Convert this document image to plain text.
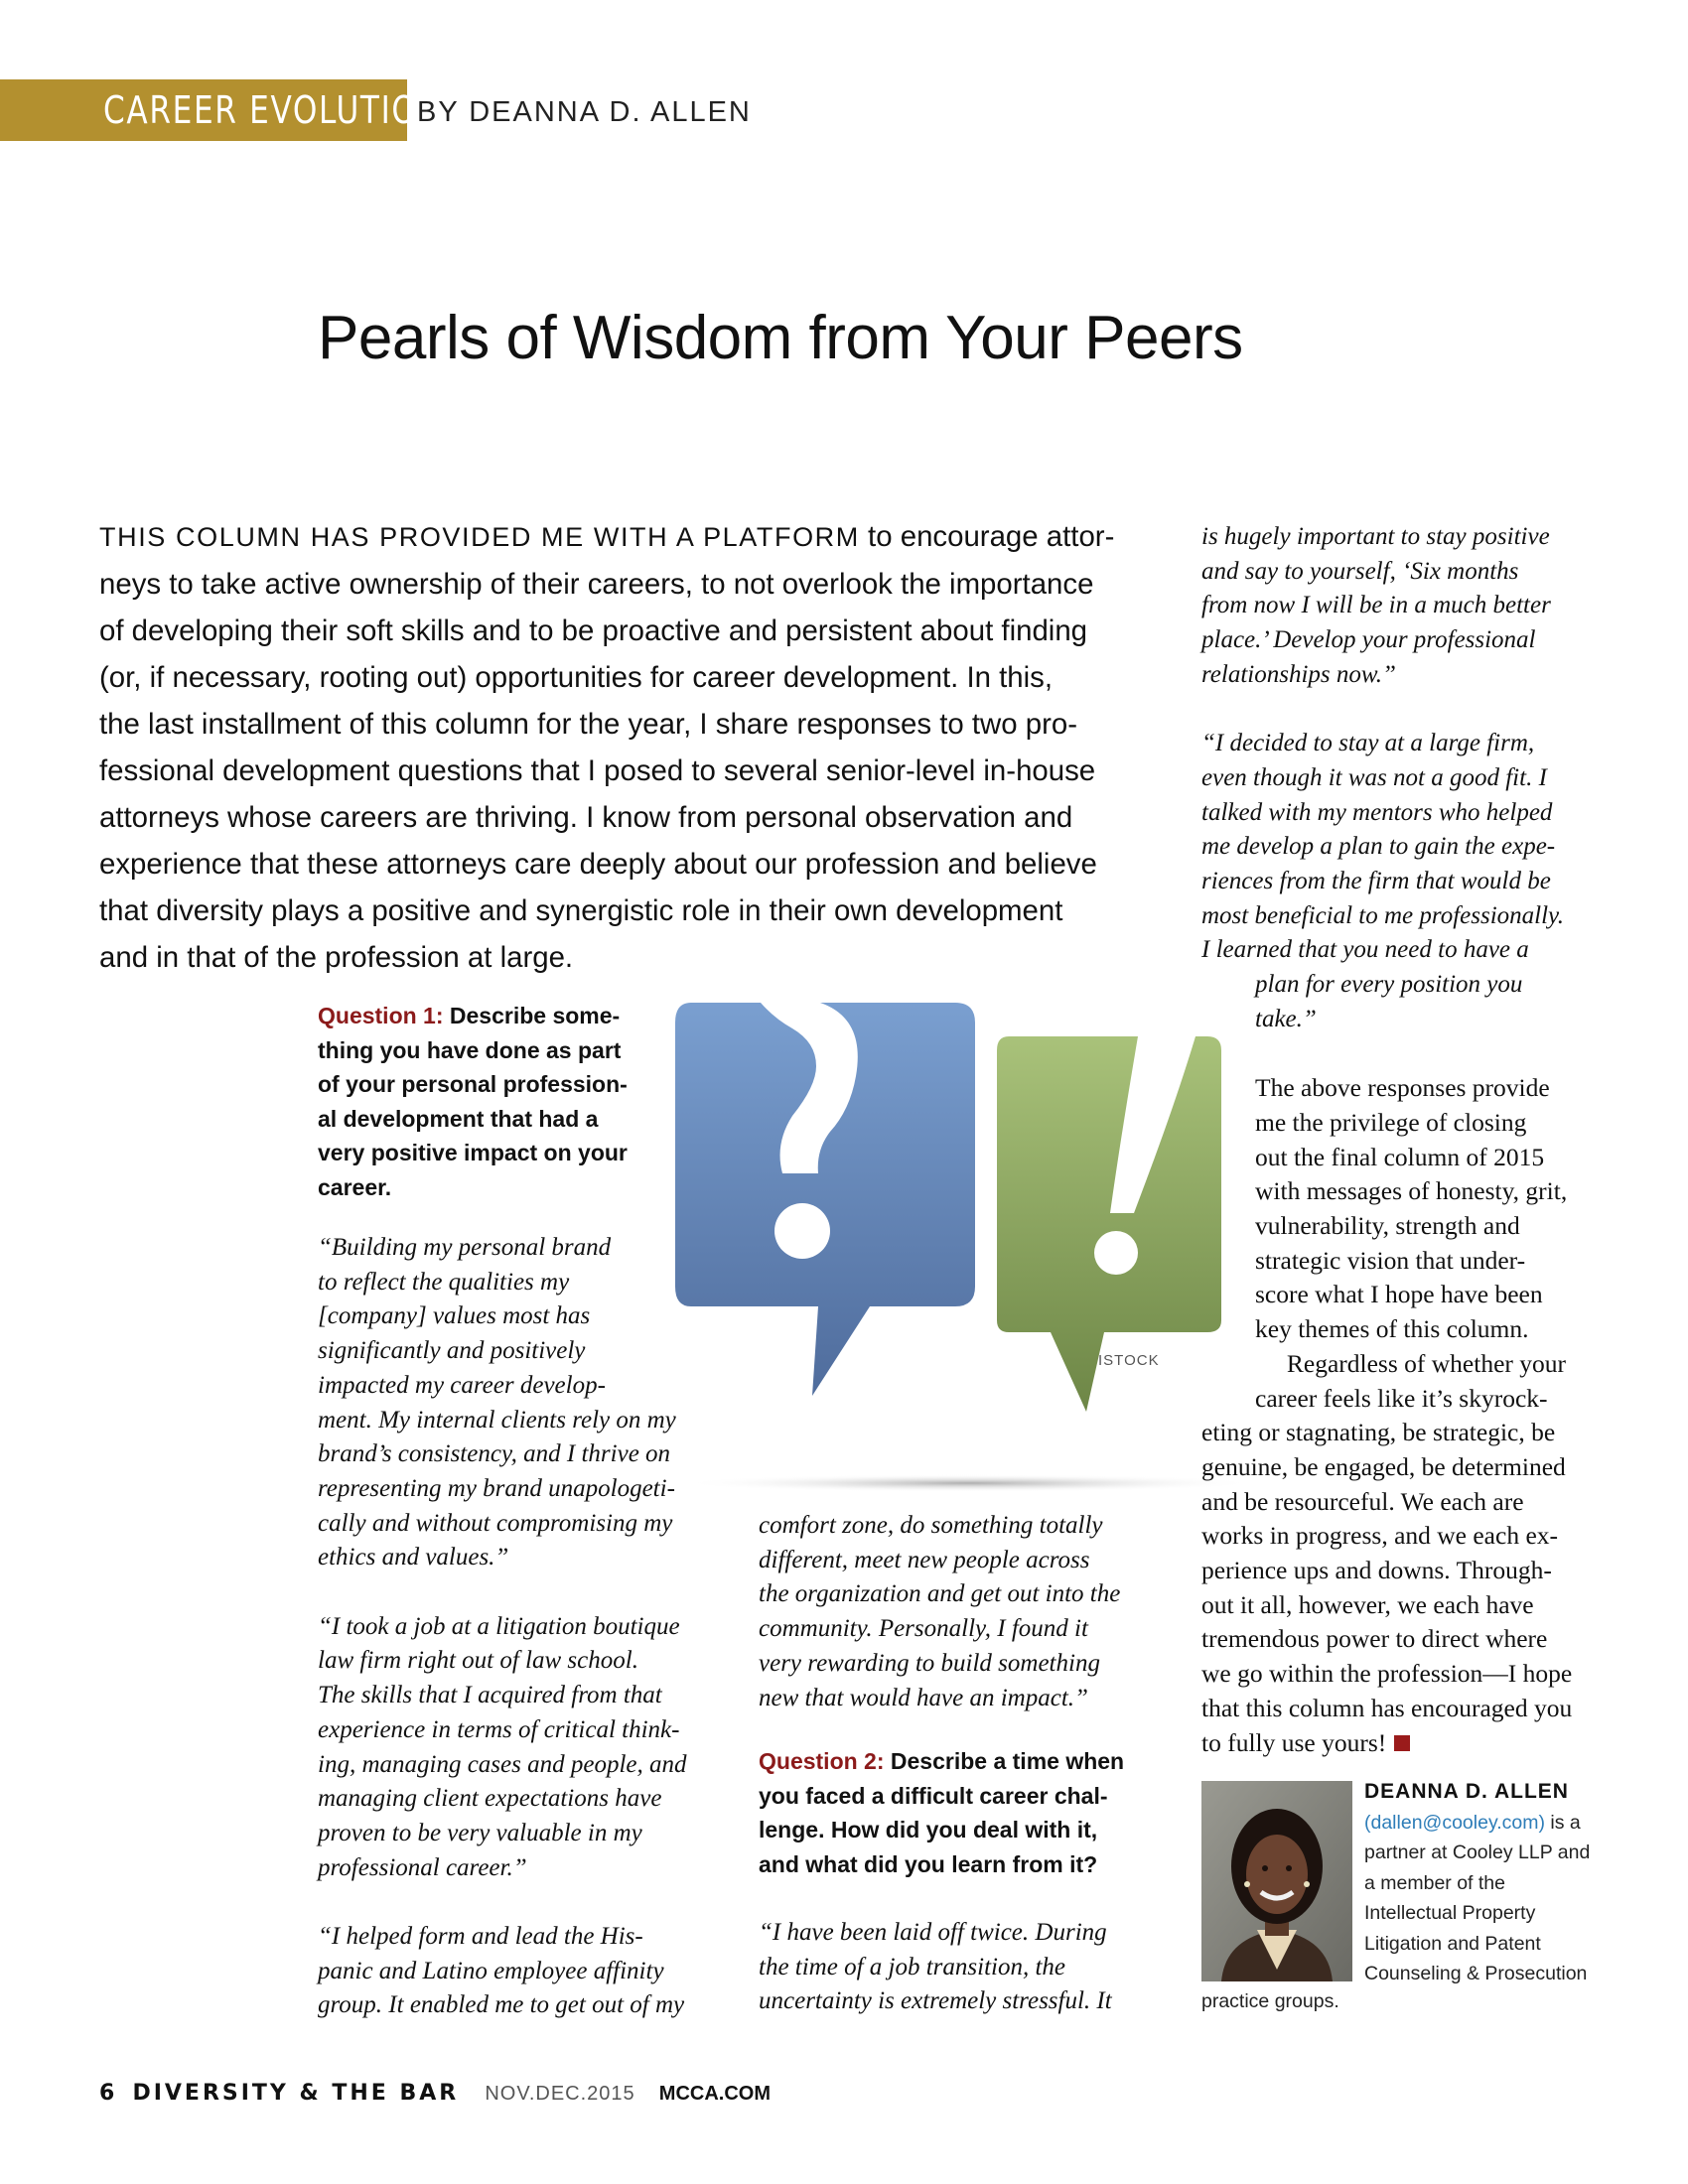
CAREER EVOLUTION
BY DEANNA D. ALLEN
Pearls of Wisdom from Your Peers
THIS COLUMN HAS PROVIDED ME WITH A PLATFORM to encourage attor-
neys to take active ownership of their careers, to not overlook the importance
of developing their soft skills and to be proactive and persistent about finding
(or, if necessary, rooting out) opportunities for career development. In this,
the last installment of this column for the year, I share responses to two pro-
fessional development questions that I posed to several senior-level in-house
attorneys whose careers are thriving. I know from personal observation and
experience that these attorneys care deeply about our profession and believe
that diversity plays a positive and synergistic role in their own development
and in that of the profession at large.
Question 1: Describe some-
thing you have done as part
of your personal profession-
al development that had a
very positive impact on your
career.
“Building my personal brand
to reflect the qualities my
[company] values most has
significantly and positively
impacted my career develop-
ment. My internal clients rely on my
brand’s consistency, and I thrive on
representing my brand unapologeti-
cally and without compromising my
ethics and values.”
“I took a job at a litigation boutique
law firm right out of law school.
The skills that I acquired from that
experience in terms of critical think-
ing, managing cases and people, and
managing client expectations have
proven to be very valuable in my
professional career.”
“I helped form and lead the His-
panic and Latino employee affinity
group. It enabled me to get out of my
ISTOCK
comfort zone, do something totally
different, meet new people across
the organization and get out into the
community. Personally, I found it
very rewarding to build something
new that would have an impact.”
Question 2: Describe a time when
you faced a difficult career chal-
lenge. How did you deal with it,
and what did you learn from it?
“I have been laid off twice. During
the time of a job transition, the
uncertainty is extremely stressful. It
is hugely important to stay positive
and say to yourself, ‘Six months
from now I will be in a much better
place.’ Develop your professional
relationships now.”
“I decided to stay at a large firm,
even though it was not a good fit. I
talked with my mentors who helped
me develop a plan to gain the expe-
riences from the firm that would be
most beneficial to me professionally.
I learned that you need to have a
plan for every position you
take.”
The above responses provide
me the privilege of closing
out the final column of 2015
with messages of honesty, grit,
vulnerability, strength and
strategic vision that under-
score what I hope have been
key themes of this column.
Regardless of whether your
career feels like it’s skyrock-
eting or stagnating, be strategic, be
genuine, be engaged, be determined
and be resourceful. We each are
works in progress, and we each ex-
perience ups and downs. Through-
out it all, however, we each have
tremendous power to direct where
we go within the profession—I hope
that this column has encouraged you
to fully use yours!
DEANNA D. ALLEN
(dallen@cooley.com) is a
partner at Cooley LLP and
a member of the
Intellectual Property
Litigation and Patent
Counseling & Prosecution
practice groups.
6 DIVERSITY & THE BAR NOV.DEC.2015 MCCA.COM
